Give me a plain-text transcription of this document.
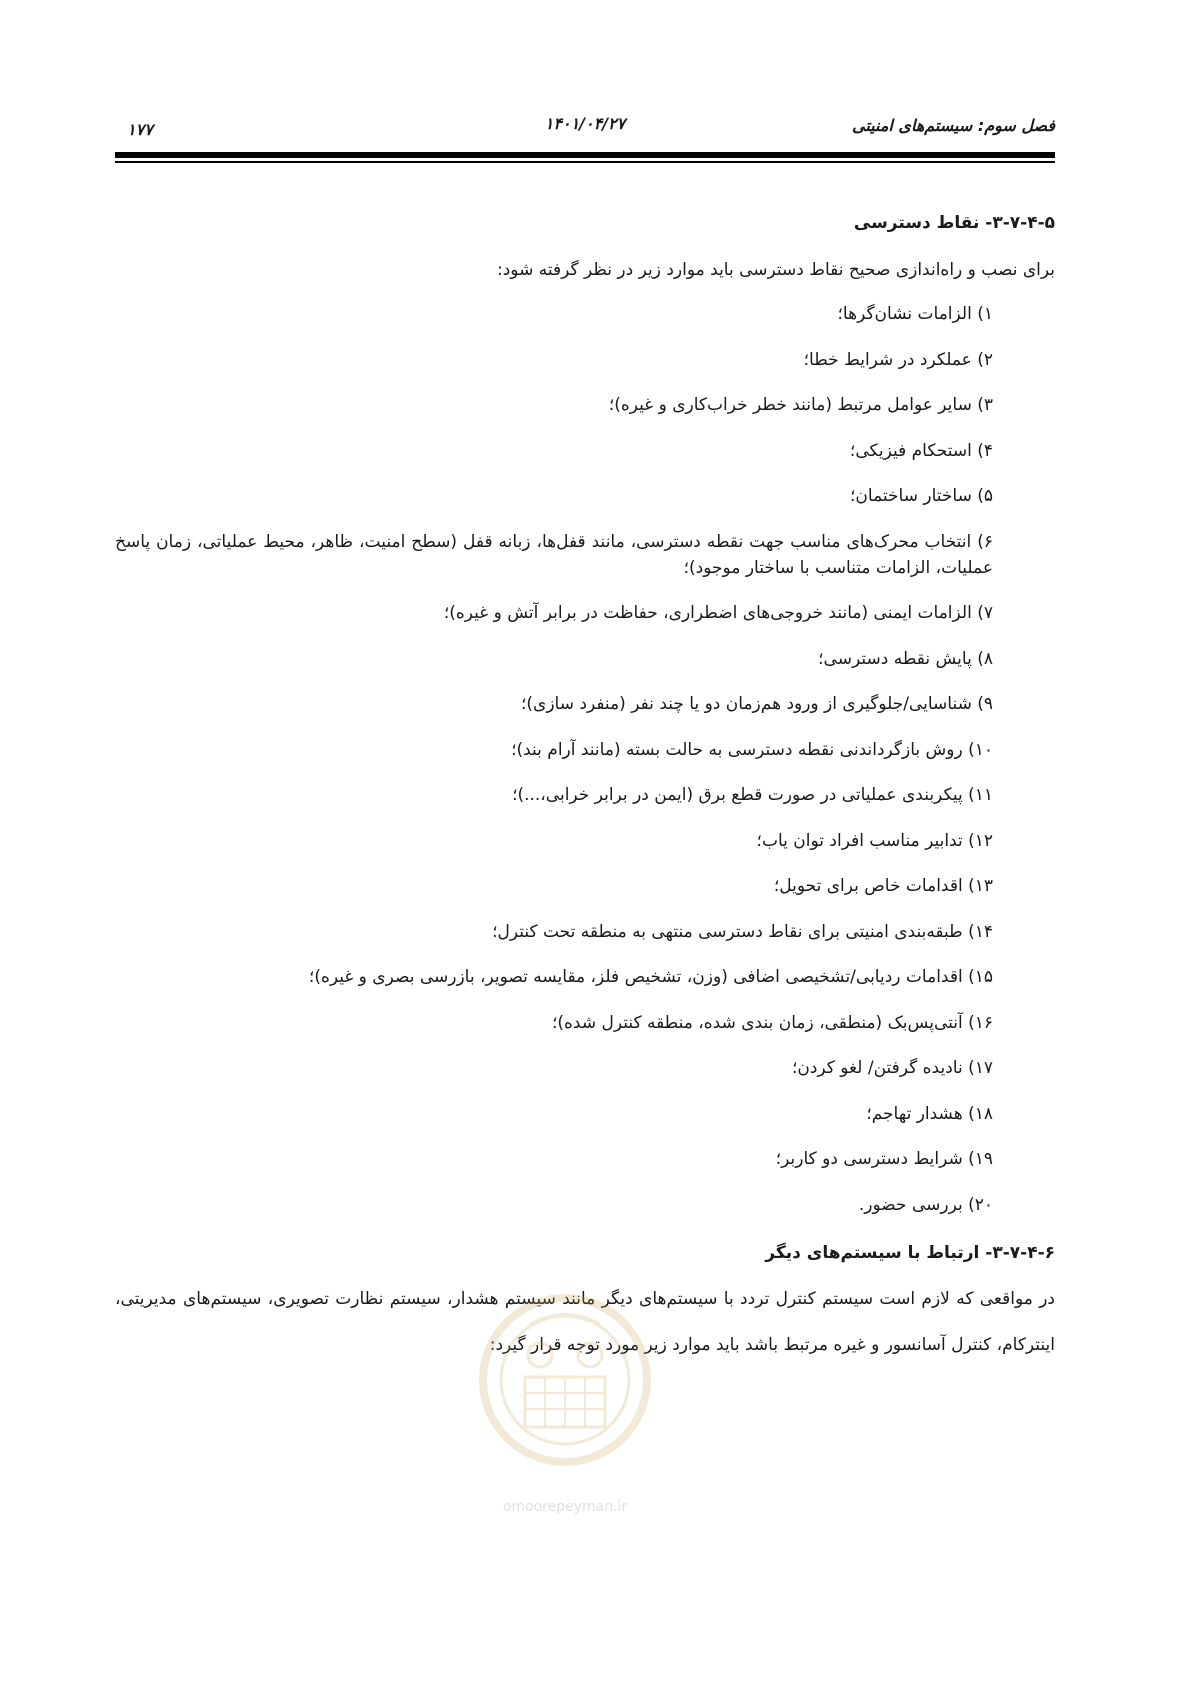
فصل سوم: سیستم‌های امنیتی
۱۴۰۱/۰۴/۲۷
۱۷۷
۳-۷-۴-۵- نقاط دسترسی
برای نصب و راه‌اندازی صحیح نقاط دسترسی باید موارد زیر در نظر گرفته شود:
۱) الزامات نشان‌گرها؛
۲) عملکرد در شرایط خطا؛
۳) سایر عوامل مرتبط (مانند خطر خراب‌کاری و غیره)؛
۴) استحکام فیزیکی؛
۵) ساختار ساختمان؛
۶) انتخاب محرک‌های مناسب جهت نقطه دسترسی، مانند قفل‌ها، زبانه قفل (سطح امنیت، ظاهر، محیط عملیاتی، زمان پاسخ عملیات، الزامات متناسب با ساختار موجود)؛
۷) الزامات ایمنی (مانند خروجی‌های اضطراری، حفاظت در برابر آتش و غیره)؛
۸) پایش نقطه دسترسی؛
۹) شناسایی/جلوگیری از ورود هم‌زمان دو یا چند نفر (منفرد سازی)؛
۱۰) روش بازگرداندنی نقطه دسترسی به حالت بسته (مانند آرام بند)؛
۱۱) پیکربندی عملیاتی در صورت قطع برق (ایمن در برابر خرابی،...)؛
۱۲) تدابیر مناسب افراد توان یاب؛
۱۳) اقدامات خاص برای تحویل؛
۱۴) طبقه‌بندی امنیتی برای نقاط دسترسی منتهی به منطقه تحت کنترل؛
۱۵) اقدامات ردیابی/تشخیصی اضافی (وزن، تشخیص فلز، مقایسه تصویر، بازرسی بصری و غیره)؛
۱۶) آنتی‌پس‌بک (منطقی، زمان بندی شده، منطقه کنترل شده)؛
۱۷) نادیده گرفتن/ لغو کردن؛
۱۸) هشدار تهاجم؛
۱۹) شرایط دسترسی دو کاربر؛
۲۰) بررسی حضور.
۳-۷-۴-۶- ارتباط با سیستم‌های دیگر
در مواقعی که لازم است سیستم کنترل تردد با سیستم‌های دیگر مانند سیستم هشدار، سیستم نظارت تصویری، سیستم‌های مدیریتی، اینترکام، کنترل آسانسور و غیره مرتبط باشد باید موارد زیر مورد توجه قرار گیرد:
omoorepeyman.ir
